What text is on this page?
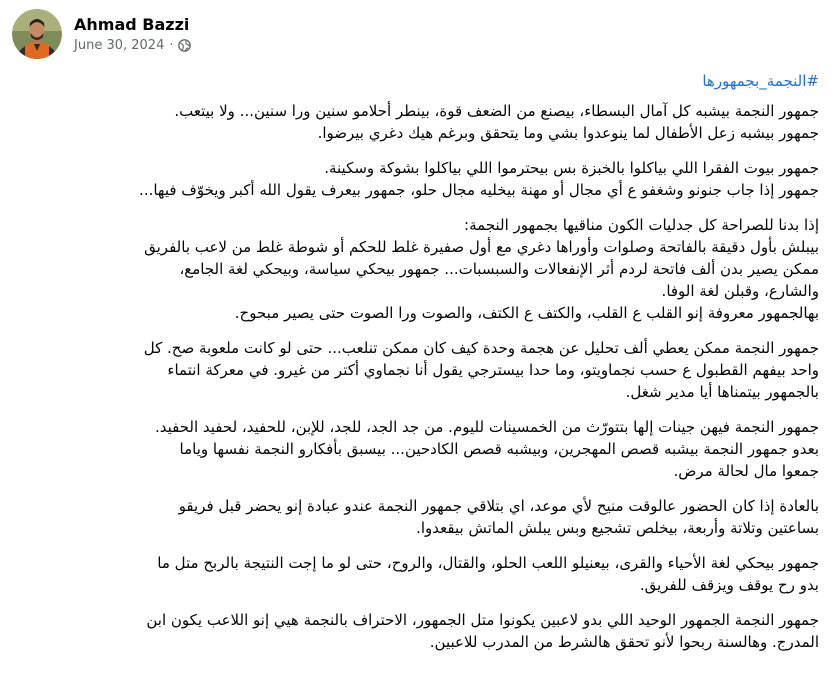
Ahmad Bazzi
June 30, 2024 ·
#النجمة_بجمهورها
جمهور النجمة بيشبه كل آمال البسطاء، بيصنع من الضعف قوة، بينطر أحلامو سنين ورا سنين... ولا بيتعب.
جمهور بيشبه زعل الأطفال لما ينوعدوا بشي وما يتحقق وبرغم هيك دغري بيرضوا.
جمهور بيوت الفقرا اللي بياكلوا بالخبزة بس بيحترموا اللي بياكلوا بشوكة وسكينة.
جمهور إذا جاب جنونو وشغفو ع أي مجال أو مهنة بيخليه مجال حلو، جمهور بيعرف يقول الله أكبر ويخوّف فيها...
إذا بدنا للصراحة كل جدليات الكون مناقيها بجمهور النجمة:
بيبلش بأول دقيقة بالفاتحة وصلوات وأوراها دغري مع أول صفيرة غلط للحكم أو شوطة غلط من لاعب بالفريق
ممكن يصير بدن ألف فاتحة لردم أثر الإنفعالات والسبسبات... جمهور بيحكي سياسة، وبيحكي لغة الجامع،
والشارع، وقبلن لغة الوفا.
بهالجمهور معروفة إنو القلب ع القلب، والكتف ع الكتف، والصوت ورا الصوت حتى يصير مبحوح.
جمهور النجمة ممكن يعطي ألف تحليل عن هجمة وحدة كيف كان ممكن تنلعب... حتى لو كانت ملعوبة صح. كل
واحد بيفهم القطبول ع حسب نجماويتو، وما حدا بيسترجي يقول أنا نجماوي أكتر من غيرو. في معركة انتماء
بالجمهور بيتمناها أيا مدير شغل.
جمهور النجمة فيهن جينات إلها بتتورّث من الخمسينات لليوم. من جد الجد، للجد، للإبن، للحفيد، لحفيد الحفيد.
بعدو جمهور النجمة بيشبه قصص المهجرين، وبيشبه قصص الكادحين... بيسبق بأفكارو النجمة نفسها وياما
جمعوا مال لحالة مرض.
بالعادة إذا كان الحضور عالوقت منيح لأي موعد، اي بتلاقي جمهور النجمة عندو عبادة إنو يحضر قبل فريقو
بساعتين وتلاتة وأربعة، بيخلص تشجيع وبس يبلش الماتش بيقعدوا.
جمهور بيحكي لغة الأحياء والقرى، بيعنيلو اللعب الحلو، والقتال، والروح، حتى لو ما إجت النتيجة بالربح متل ما
بدو رح يوقف ويزقف للفريق.
جمهور النجمة الجمهور الوحيد اللي بدو لاعبين يكونوا متل الجمهور، الاحتراف بالنجمة هيي إنو اللاعب يكون ابن
المدرج. وهالسنة ربحوا لأنو تحقق هالشرط من المدرب للاعبين.
